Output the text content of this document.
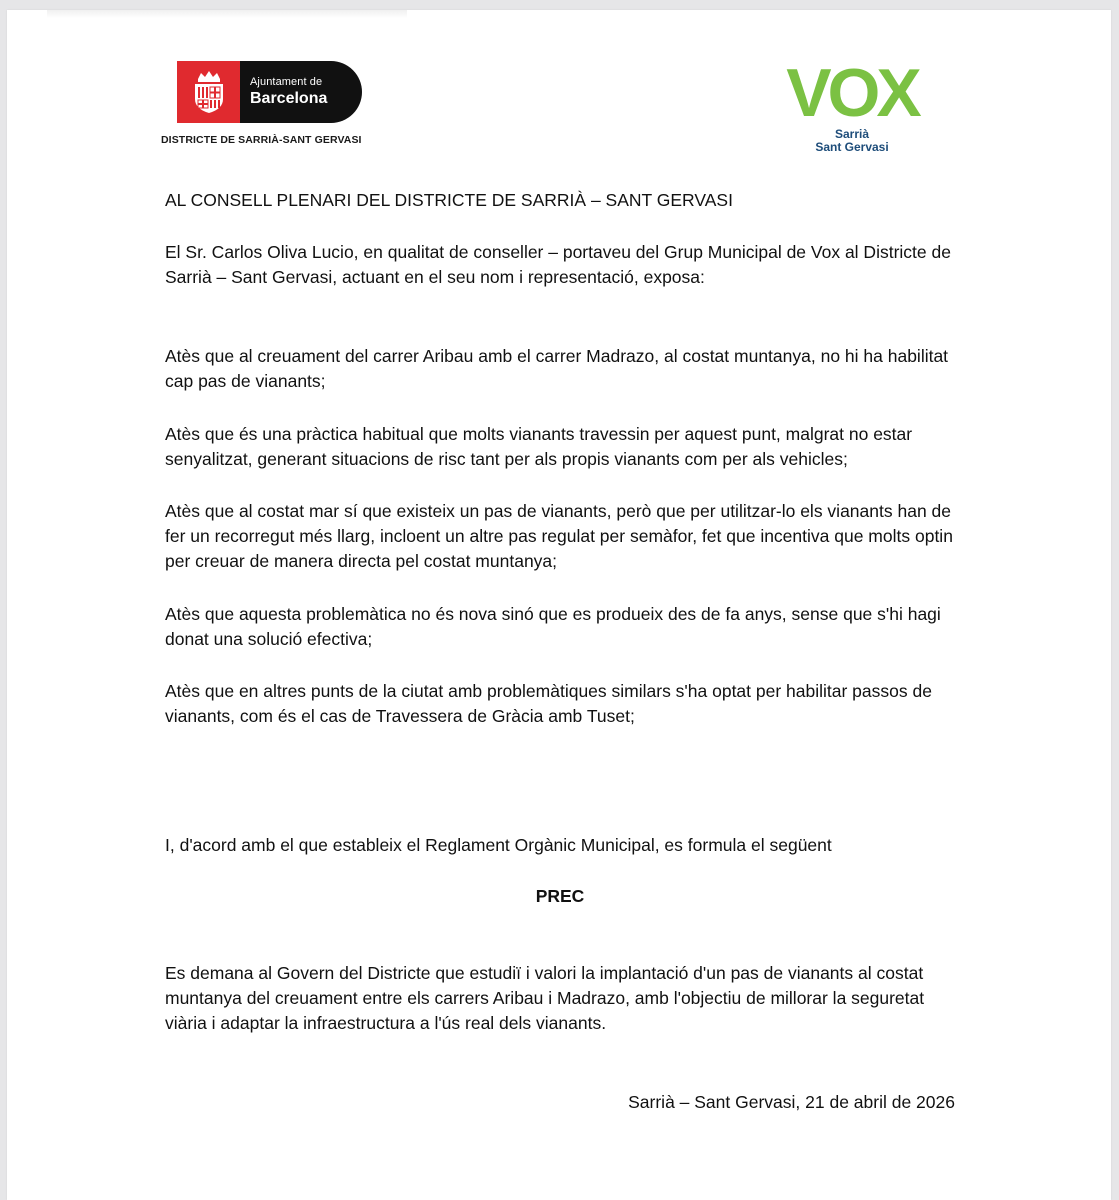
Ajuntament de
Barcelona
DISTRICTE DE SARRIÀ-SANT GERVASI
VOX
Sarrià
Sant Gervasi

AL CONSELL PLENARI DEL DISTRICTE DE SARRIÀ – SANT GERVASI

El Sr. Carlos Oliva Lucio, en qualitat de conseller – portaveu del Grup Municipal de Vox al Districte de Sarrià – Sant Gervasi, actuant en el seu nom i representació, exposa:

Atès que al creuament del carrer Aribau amb el carrer Madrazo, al costat muntanya, no hi ha habilitat cap pas de vianants;

Atès que és una pràctica habitual que molts vianants travessin per aquest punt, malgrat no estar senyalitzat, generant situacions de risc tant per als propis vianants com per als vehicles;

Atès que al costat mar sí que existeix un pas de vianants, però que per utilitzar-lo els vianants han de fer un recorregut més llarg, incloent un altre pas regulat per semàfor, fet que incentiva que molts optin per creuar de manera directa pel costat muntanya;

Atès que aquesta problemàtica no és nova sinó que es produeix des de fa anys, sense que s'hi hagi donat una solució efectiva;

Atès que en altres punts de la ciutat amb problemàtiques similars s'ha optat per habilitar passos de vianants, com és el cas de Travessera de Gràcia amb Tuset;

I, d'acord amb el que estableix el Reglament Orgànic Municipal, es formula el següent

PREC

Es demana al Govern del Districte que estudiï i valori la implantació d'un pas de vianants al costat muntanya del creuament entre els carrers Aribau i Madrazo, amb l'objectiu de millorar la seguretat viària i adaptar la infraestructura a l'ús real dels vianants.

Sarrià – Sant Gervasi, 21 de abril de 2026
